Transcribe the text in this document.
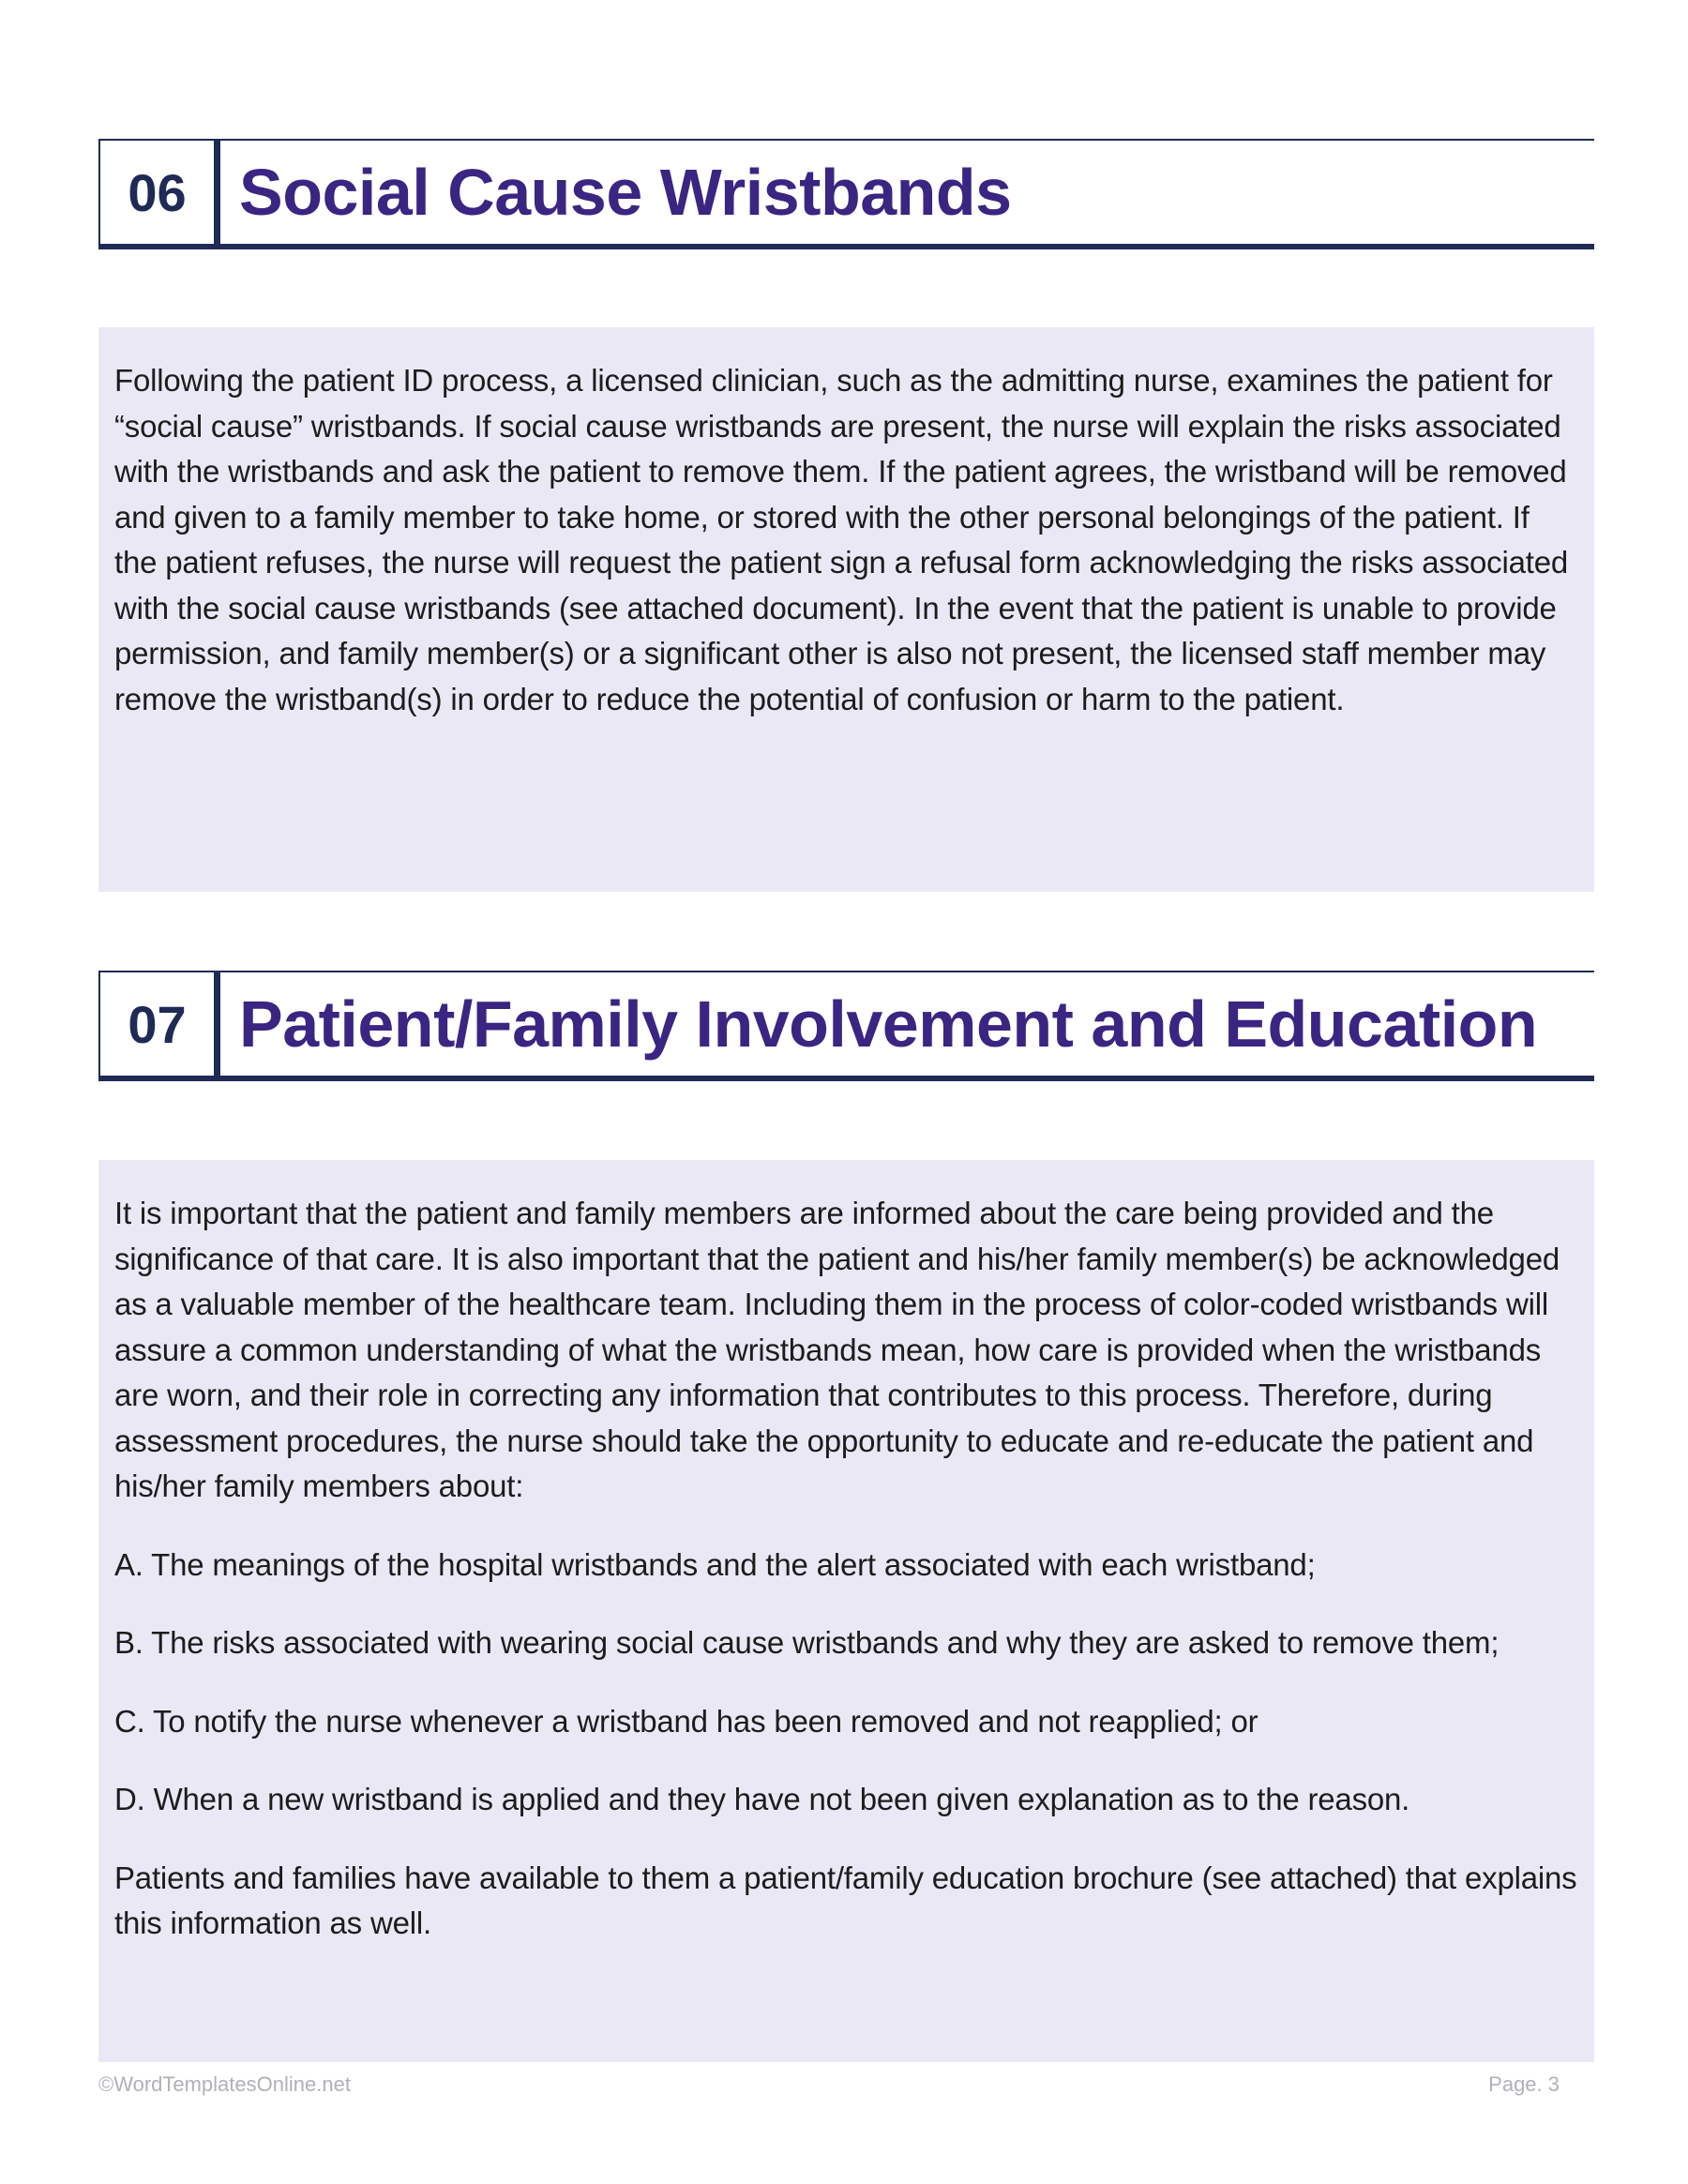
06 Social Cause Wristbands

Following the patient ID process, a licensed clinician, such as the admitting nurse, examines the patient for “social cause” wristbands. If social cause wristbands are present, the nurse will explain the risks associated with the wristbands and ask the patient to remove them. If the patient agrees, the wristband will be removed and given to a family member to take home, or stored with the other personal belongings of the patient. If the patient refuses, the nurse will request the patient sign a refusal form acknowledging the risks associated with the social cause wristbands (see attached document). In the event that the patient is unable to provide permission, and family member(s) or a significant other is also not present, the licensed staff member may remove the wristband(s) in order to reduce the potential of confusion or harm to the patient.

07 Patient/Family Involvement and Education

It is important that the patient and family members are informed about the care being provided and the significance of that care. It is also important that the patient and his/her family member(s) be acknowledged as a valuable member of the healthcare team. Including them in the process of color-coded wristbands will assure a common understanding of what the wristbands mean, how care is provided when the wristbands are worn, and their role in correcting any information that contributes to this process. Therefore, during assessment procedures, the nurse should take the opportunity to educate and re-educate the patient and his/her family members about:

A. The meanings of the hospital wristbands and the alert associated with each wristband;

B. The risks associated with wearing social cause wristbands and why they are asked to remove them;

C. To notify the nurse whenever a wristband has been removed and not reapplied; or

D. When a new wristband is applied and they have not been given explanation as to the reason.

Patients and families have available to them a patient/family education brochure (see attached) that explains this information as well.

©WordTemplatesOnline.net	Page. 3
